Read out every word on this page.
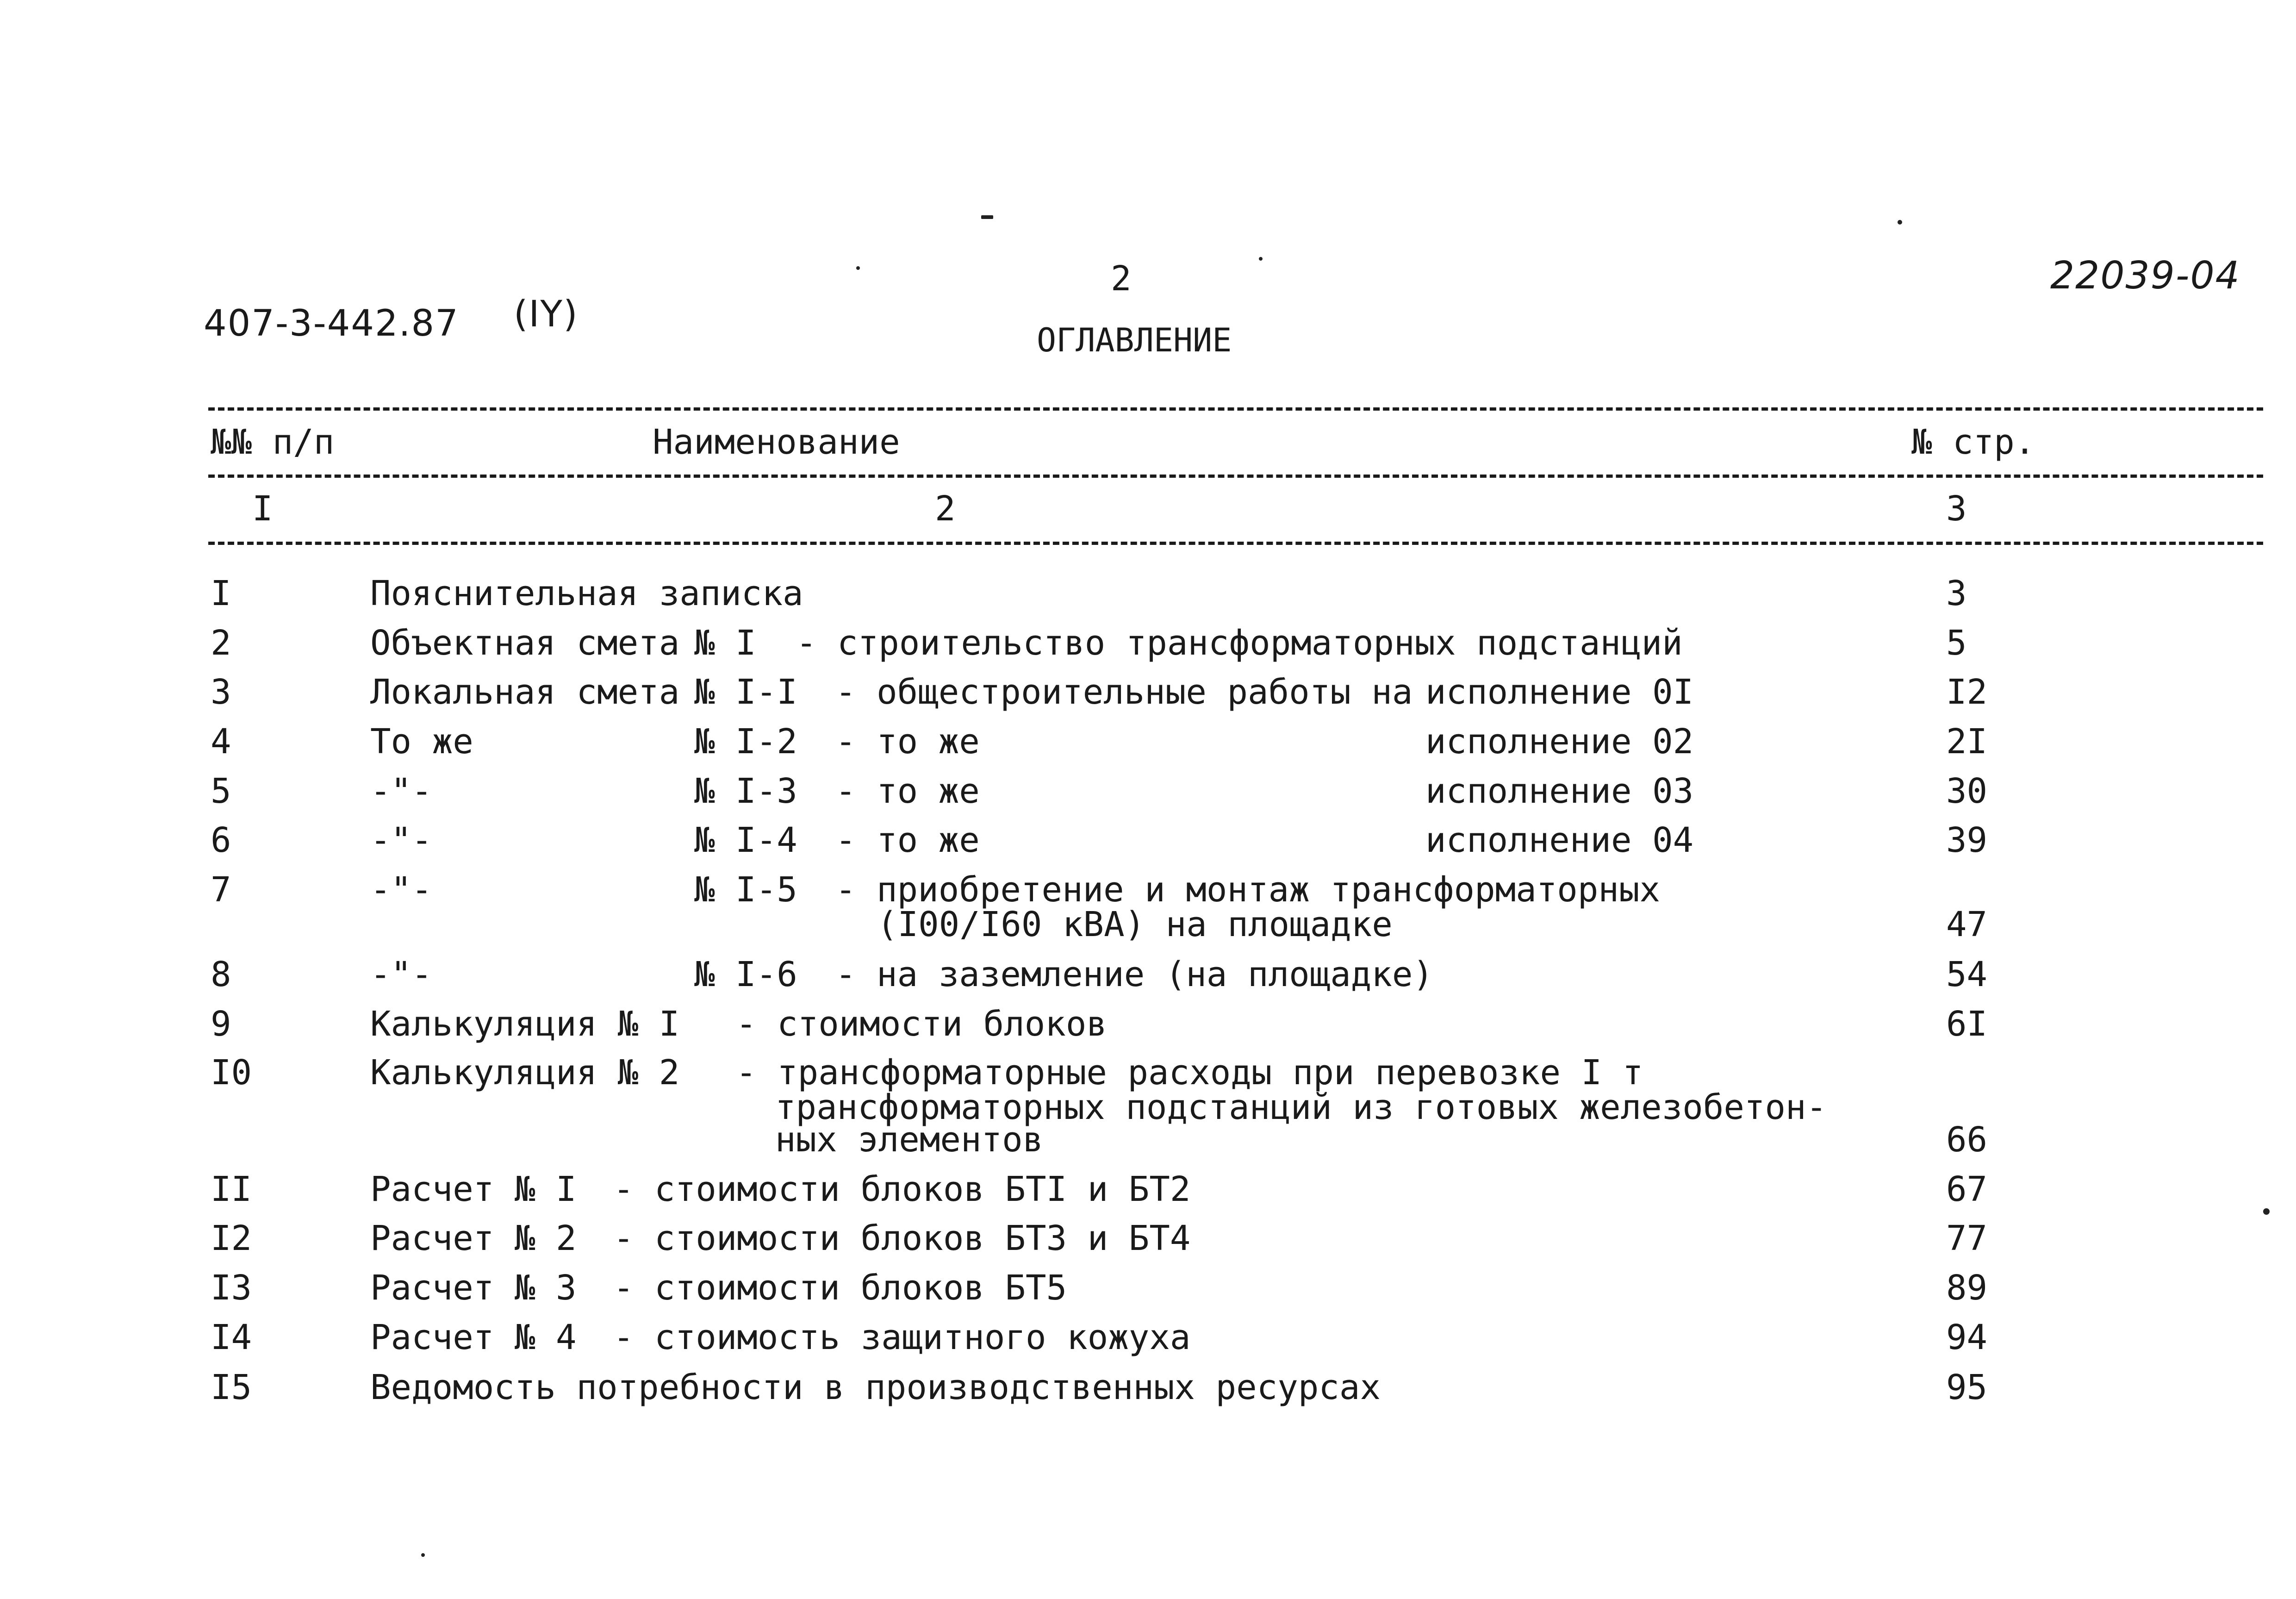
407-3-442.87 (IY)
2	22039-04
ОГЛАВЛЕНИЕ
№№ п/п	Наименование	№ стр.
I	2	3
I	Пояснительная записка	3
2	Объектная смета № I - строительство трансформаторных подстанций	5
3	Локальная смета № I-I - общестроительные работы на исполнение 0I	I2
4	То же	№ I-2 - то же	исполнение 02	2I
5	-"-	№ I-3 - то же	исполнение 03	30
6	-"-	№ I-4 - то же	исполнение 04	39
7	-"-	№ I-5 - приобретение и монтаж трансформаторных
(I00/I60 кВА) на площадке	47
8	-"-	№ I-6 - на заземление (на площадке)	54
9	Калькуляция № I - стоимости блоков	6I
I0	Калькуляция № 2 - трансформаторные расходы при перевозке I т
трансформаторных подстанций из готовых железобетон-
ных элементов	66
II	Расчет № I - стоимости блоков БТI и БТ2	67
I2	Расчет № 2 - стоимости блоков БТЗ и БТ4	77
I3	Расчет № 3 - стоимости блоков БТ5	89
I4	Расчет № 4 - стоимость защитного кожуха	94
I5	Ведомость потребности в производственных ресурсах	95
